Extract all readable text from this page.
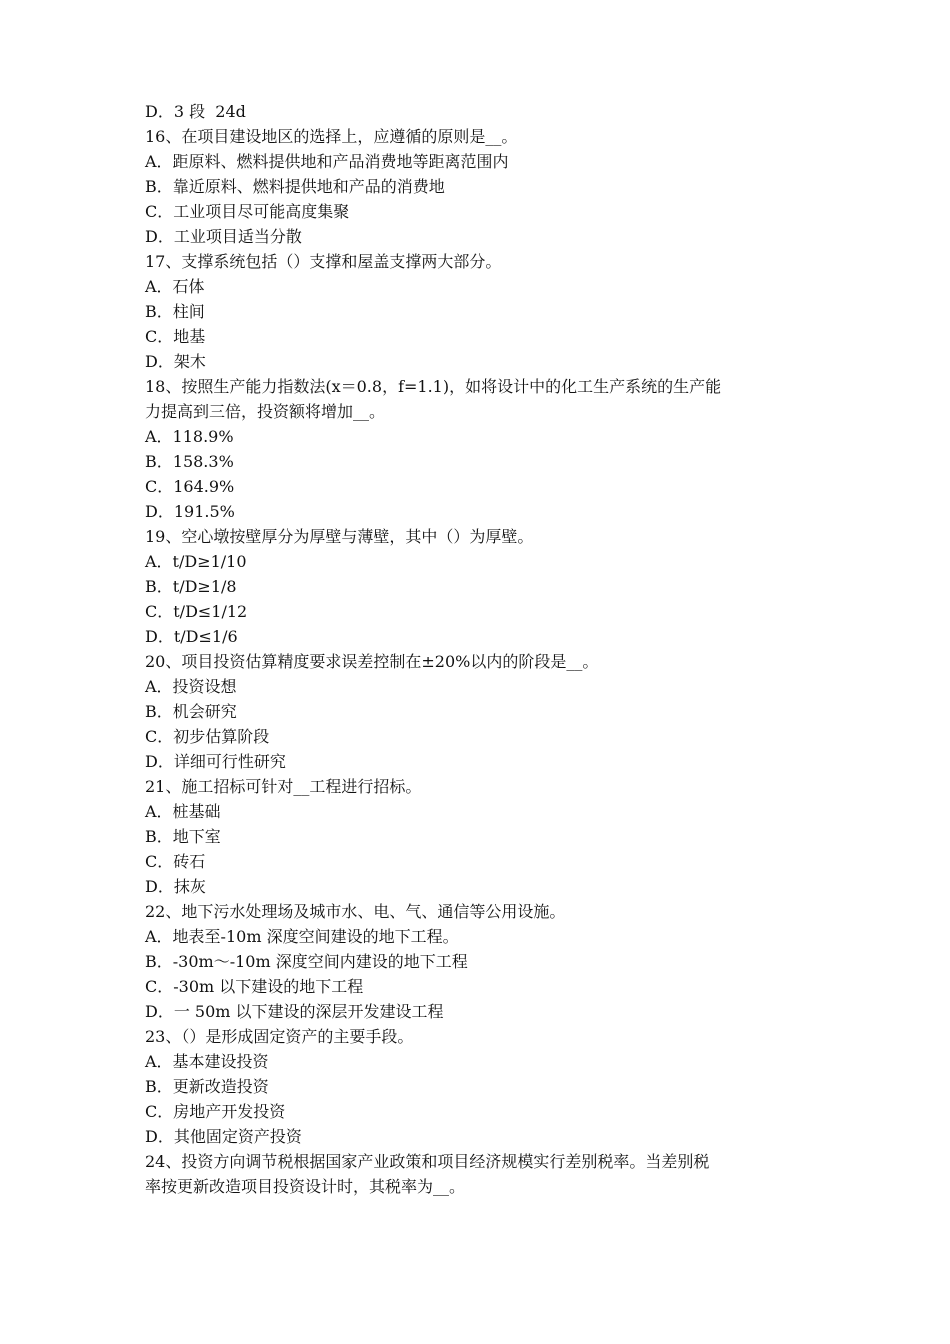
D．3 段  24d

16、在项目建设地区的选择上，应遵循的原则是__。

A．距原料、燃料提供地和产品消费地等距离范围内

B．靠近原料、燃料提供地和产品的消费地

C．工业项目尽可能高度集聚

D．工业项目适当分散

17、支撑系统包括（）支撑和屋盖支撑两大部分。

A．石体

B．柱间

C．地基

D．架木

18、按照生产能力指数法(x＝0.8，f=1.1)，如将设计中的化工生产系统的生产能

力提高到三倍，投资额将增加__。

A．118.9%

B．158.3%

C．164.9%

D．191.5%

19、空心墩按壁厚分为厚壁与薄壁，其中（）为厚壁。

A．t/D≥1/10

B．t/D≥1/8

C．t/D≤1/12

D．t/D≤1/6

20、项目投资估算精度要求误差控制在±20%以内的阶段是__。

A．投资设想

B．机会研究

C．初步估算阶段

D．详细可行性研究

21、施工招标可针对__工程进行招标。

A．桩基础

B．地下室

C．砖石

D．抹灰

22、地下污水处理场及城市水、电、气、通信等公用设施。

A．地表至-10m 深度空间建设的地下工程。

B．-30m～-10m 深度空间内建设的地下工程

C．-30m 以下建设的地下工程

D．一 50m 以下建设的深层开发建设工程

23、（）是形成固定资产的主要手段。

A．基本建设投资

B．更新改造投资

C．房地产开发投资

D．其他固定资产投资

24、投资方向调节税根据国家产业政策和项目经济规模实行差别税率。当差别税

率按更新改造项目投资设计时，其税率为__。
